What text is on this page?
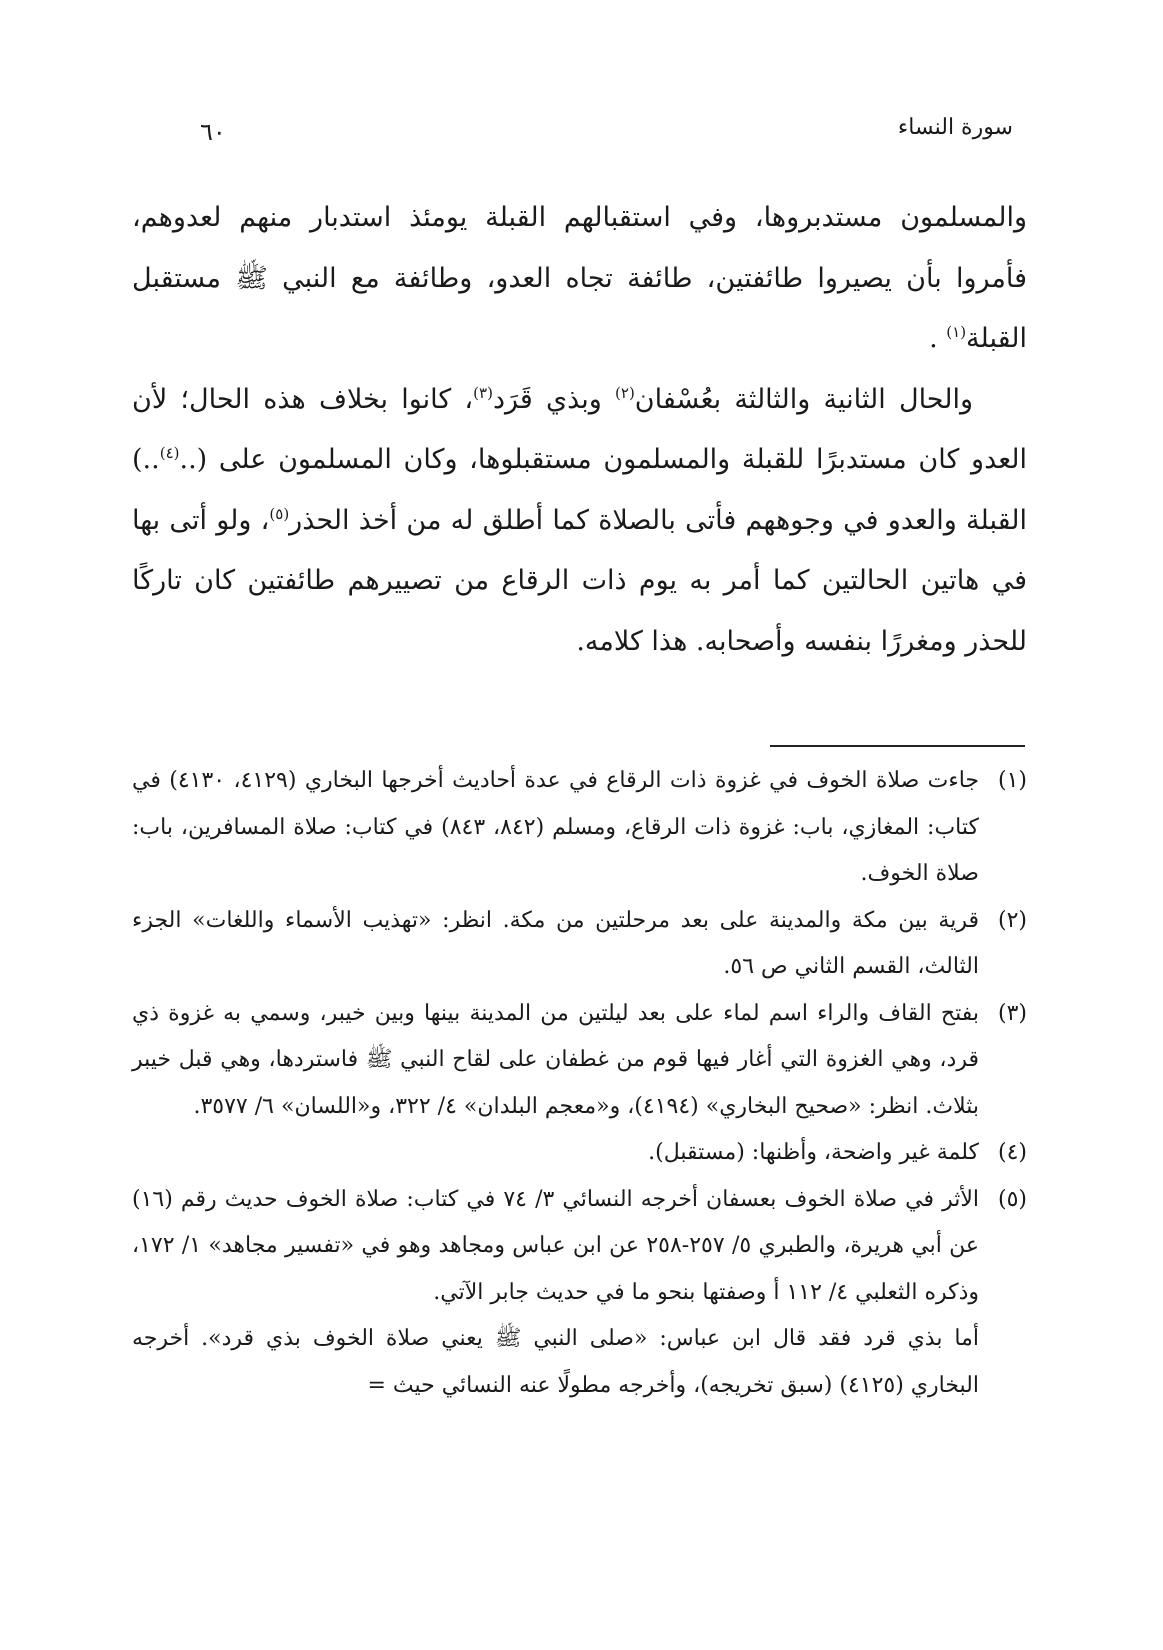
سورة النساء
٦٠

والمسلمون مستدبروها، وفي استقبالهم القبلة يومئذ استدبار منهم لعدوهم، فأمروا بأن يصيروا طائفتين، طائفة تجاه العدو، وطائفة مع النبي ﷺ مستقبل القبلة$^{(١)}$ .

والحال الثانية والثالثة بعُسْفان$^{(٢)}$ وبذي قَرَد$^{(٣)}$، كانوا بخلاف هذه الحال؛ لأن العدو كان مستدبرًا للقبلة والمسلمون مستقبلوها، وكان المسلمون على (..$^{(٤)}$..) القبلة والعدو في وجوههم فأتى بالصلاة كما أطلق له من أخذ الحذر$^{(٥)}$، ولو أتى بها في هاتين الحالتين كما أمر به يوم ذات الرقاع من تصييرهم طائفتين كان تاركًا للحذر ومغررًا بنفسه وأصحابه. هذا كلامه.

(١)

جاءت صلاة الخوف في غزوة ذات الرقاع في عدة أحاديث أخرجها البخاري (٤١٢٩، ٤١٣٠) في كتاب: المغازي، باب: غزوة ذات الرقاع، ومسلم (٨٤٢، ٨٤٣) في كتاب: صلاة المسافرين، باب: صلاة الخوف.

(٢)

قرية بين مكة والمدينة على بعد مرحلتين من مكة. انظر: «تهذيب الأسماء واللغات» الجزء الثالث، القسم الثاني ص ٥٦.

(٣)

بفتح القاف والراء اسم لماء على بعد ليلتين من المدينة بينها وبين خيبر، وسمي به غزوة ذي قرد، وهي الغزوة التي أغار فيها قوم من غطفان على لقاح النبي ﷺ فاستردها، وهي قبل خيبر بثلاث. انظر: «صحيح البخاري» (٤١٩٤)، و«معجم البلدان» ٤/ ٣٢٢، و«اللسان» ٦/ ٣٥٧٧.

(٤)

كلمة غير واضحة، وأظنها: (مستقبل).

(٥)

الأثر في صلاة الخوف بعسفان أخرجه النسائي ٣/ ٧٤ في كتاب: صلاة الخوف حديث رقم (١٦) عن أبي هريرة، والطبري ٥/ ٢٥٧-٢٥٨ عن ابن عباس ومجاهد وهو في «تفسير مجاهد» ١/ ١٧٢، وذكره الثعلبي ٤/ ١١٢ أ وصفتها بنحو ما في حديث جابر الآتي.

أما بذي قرد فقد قال ابن عباس: «صلى النبي ﷺ يعني صلاة الخوف بذي قرد». أخرجه البخاري (٤١٢٥) (سبق تخريجه)، وأخرجه مطولًا عنه النسائي حيث =
